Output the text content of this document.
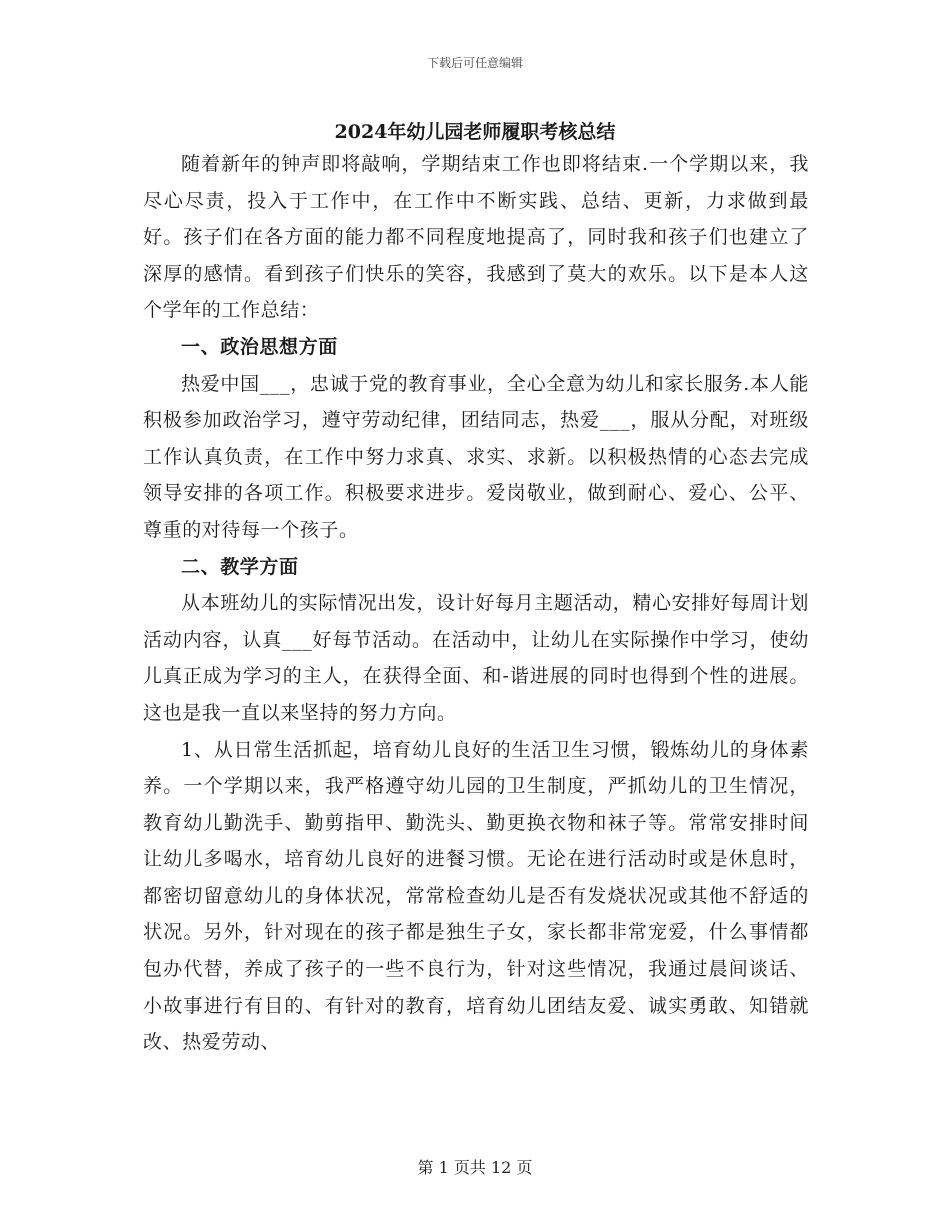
下载后可任意编辑
2024年幼儿园老师履职考核总结

随着新年的钟声即将敲响，学期结束工作也即将结束.一个学期以来，我尽心尽责，投入于工作中，在工作中不断实践、总结、更新，力求做到最好。孩子们在各方面的能力都不同程度地提高了，同时我和孩子们也建立了深厚的感情。看到孩子们快乐的笑容，我感到了莫大的欢乐。以下是本人这个学年的工作总结：

一、政治思想方面

热爱中国___，忠诚于党的教育事业，全心全意为幼儿和家长服务.本人能积极参加政治学习，遵守劳动纪律，团结同志，热爱___，服从分配，对班级工作认真负责，在工作中努力求真、求实、求新。以积极热情的心态去完成领导安排的各项工作。积极要求进步。爱岗敬业，做到耐心、爱心、公平、尊重的对待每一个孩子。

二、教学方面

从本班幼儿的实际情况出发，设计好每月主题活动，精心安排好每周计划活动内容，认真___好每节活动。在活动中，让幼儿在实际操作中学习，使幼儿真正成为学习的主人，在获得全面、和-谐进展的同时也得到个性的进展。这也是我一直以来坚持的努力方向。

1、从日常生活抓起，培育幼儿良好的生活卫生习惯，锻炼幼儿的身体素养。一个学期以来，我严格遵守幼儿园的卫生制度，严抓幼儿的卫生情况，教育幼儿勤洗手、勤剪指甲、勤洗头、勤更换衣物和袜子等。常常安排时间让幼儿多喝水，培育幼儿良好的进餐习惯。无论在进行活动时或是休息时，都密切留意幼儿的身体状况，常常检查幼儿是否有发烧状况或其他不舒适的状况。另外，针对现在的孩子都是独生子女，家长都非常宠爱，什么事情都包办代替，养成了孩子的一些不良行为，针对这些情况，我通过晨间谈话、小故事进行有目的、有针对的教育，培育幼儿团结友爱、诚实勇敢、知错就改、热爱劳动、

第 1 页共 12 页
